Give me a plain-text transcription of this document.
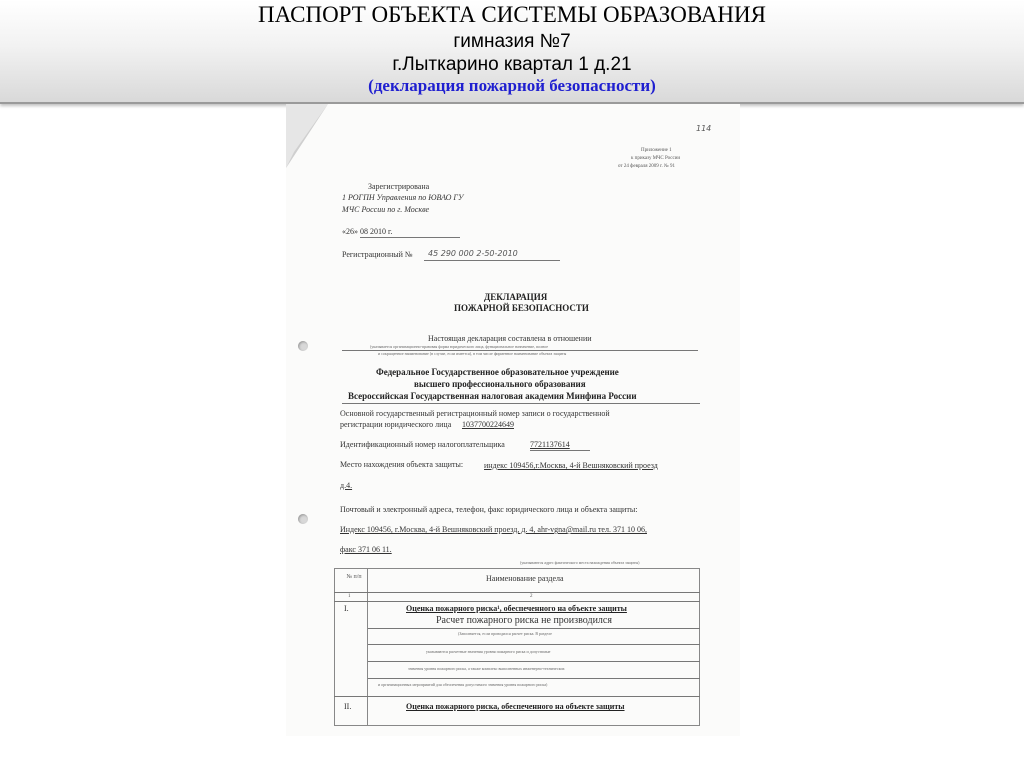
ПАСПОРТ ОБЪЕКТА СИСТЕМЫ ОБРАЗОВАНИЯ
гимназия №7
г.Лыткарино квартал 1 д.21
(декларация пожарной безопасности)
114
Приложение 1
к приказу МЧС России
от 24 февраля 2009 г. № 91
Зарегистрирована
1 РОГПН Управления по ЮВАО ГУ
МЧС России по г. Москве
«26» 08 2010 г.
Регистрационный № 45 290 000 2-50-2010
ДЕКЛАРАЦИЯ
ПОЖАРНОЙ БЕЗОПАСНОСТИ
Настоящая декларация составлена в отношении
(указывается организационно-правовая форма юридического лица, функциональное назначение, полное
и сокращенное наименование (в случае, если имеется), в том числе фирменное наименование объекта защиты
Федеральное Государственное образовательное учреждение
высшего профессионального образования
Всероссийская Государственная налоговая академия Минфина России
Основной государственный регистрационный номер записи о государственной
регистрации юридического лица 1037700224649
Идентификационный номер налогоплательщика	7721137614
Место нахождения объекта защиты:	индекс 109456,г.Москва, 4-й Вешняковский проезд
д.4.
Почтовый и электронный адреса, телефон, факс юридического лица и объекта защиты:
Индекс 109456, г.Москва, 4-й Вешняковский проезд, д. 4, ahr-vgna@mail.ru тел. 371 10 06,
факс 371 06 11.
(указываются адрес фактического места нахождения объекта защиты)
№ п/п	Наименование раздела
1	2
I.	Оценка пожарного риска¹, обеспеченного на объекте защиты
Расчет пожарного риска не производился
(Заполняется, если проводился расчет риска. В разделе
указываются расчетные значения уровня пожарного риска и допустимые
значения уровня пожарного риска, а также комплекс выполненных инженерно-технических
и организационных мероприятий для обеспечения допустимого значения уровня пожарного риска)
II.	Оценка пожарного риска, обеспеченного на объекте защиты
